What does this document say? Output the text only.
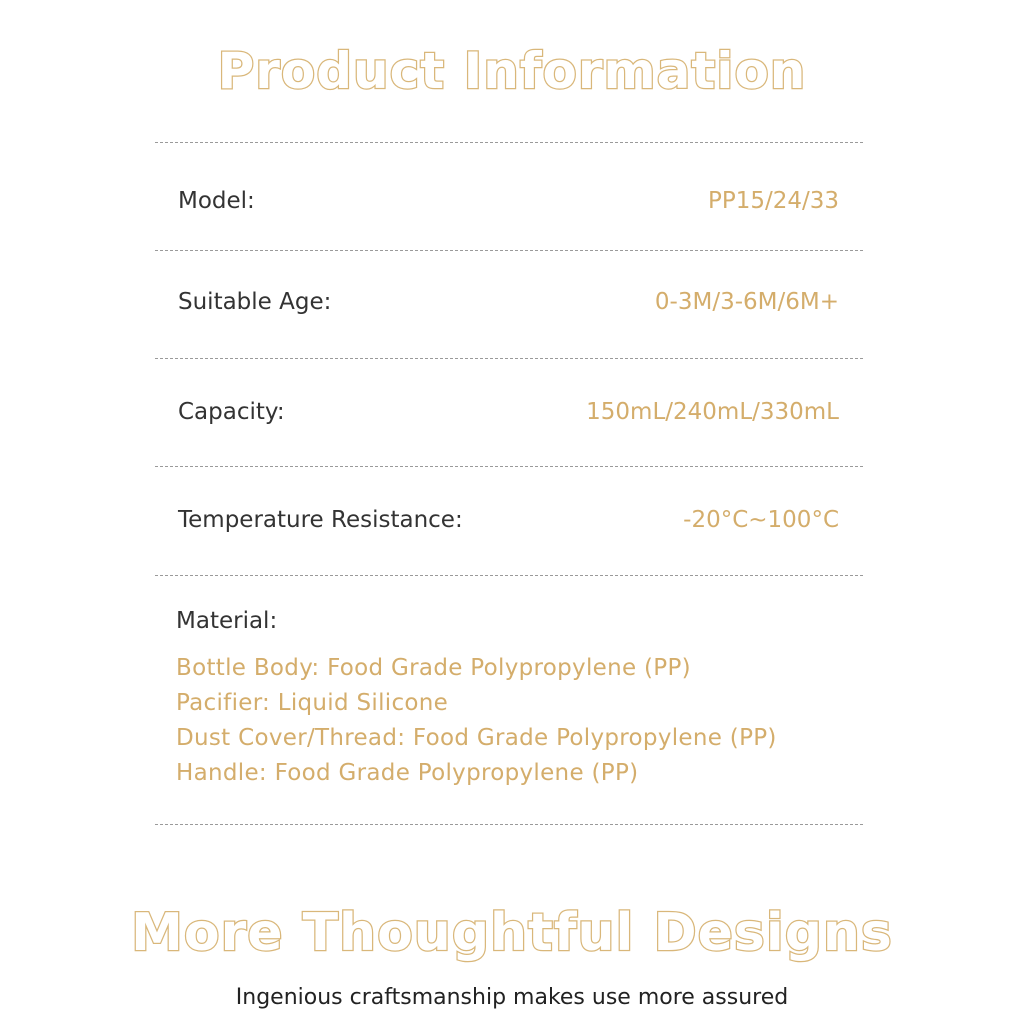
Product Information
Model:	PP15/24/33
Suitable Age:	0-3M/3-6M/6M+
Capacity:	150mL/240mL/330mL
Temperature Resistance:	-20°C~100°C
Material:
Bottle Body: Food Grade Polypropylene (PP)
Pacifier: Liquid Silicone
Dust Cover/Thread: Food Grade Polypropylene (PP)
Handle: Food Grade Polypropylene (PP)
More Thoughtful Designs
Ingenious craftsmanship makes use more assured
